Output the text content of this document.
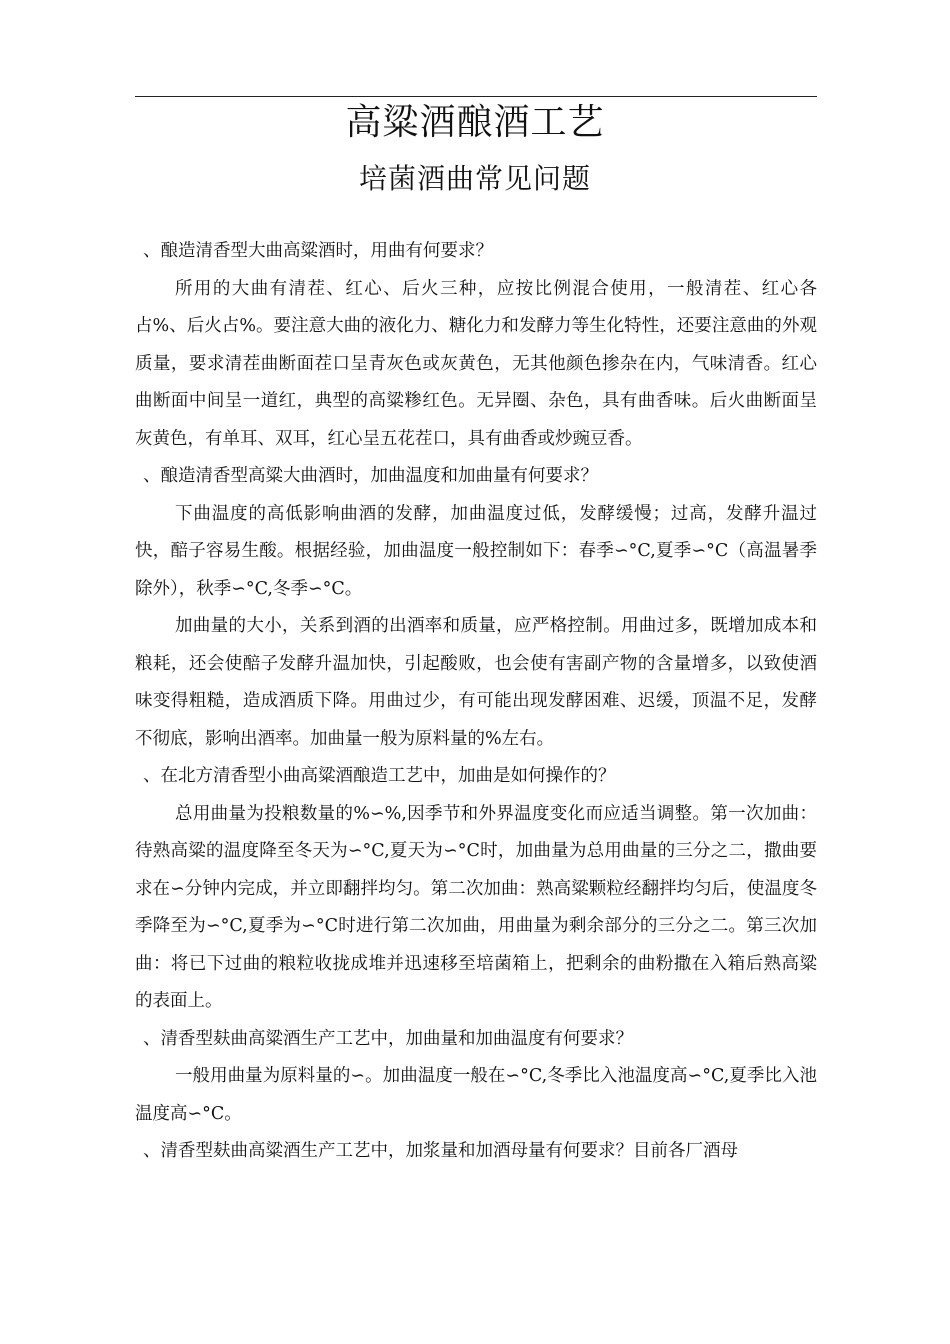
高粱酒酿酒工艺
培菌酒曲常见问题

、酿造清香型大曲高粱酒时，用曲有何要求？

所用的大曲有清茬、红心、后火三种，应按比例混合使用，一般清茬、红心各占%、后火占%。要注意大曲的液化力、糖化力和发酵力等生化特性，还要注意曲的外观质量，要求清茬曲断面茬口呈青灰色或灰黄色，无其他颜色掺杂在内，气味清香。红心曲断面中间呈一道红，典型的高粱糁红色。无异圈、杂色，具有曲香味。后火曲断面呈灰黄色，有单耳、双耳，红心呈五花茬口，具有曲香或炒豌豆香。

、酿造清香型高粱大曲酒时，加曲温度和加曲量有何要求？

下曲温度的高低影响曲酒的发酵，加曲温度过低，发酵缓慢；过高，发酵升温过快，醅子容易生酸。根据经验，加曲温度一般控制如下：春季∽°C,夏季∽°C（高温暑季除外），秋季∽°C,冬季∽°C。

加曲量的大小，关系到酒的出酒率和质量，应严格控制。用曲过多，既增加成本和粮耗，还会使醅子发酵升温加快，引起酸败，也会使有害副产物的含量增多，以致使酒味变得粗糙，造成酒质下降。用曲过少，有可能出现发酵困难、迟缓，顶温不足，发酵不彻底，影响出酒率。加曲量一般为原料量的%左右。

、在北方清香型小曲高粱酒酿造工艺中，加曲是如何操作的？

总用曲量为投粮数量的%∽%,因季节和外界温度变化而应适当调整。第一次加曲：待熟高粱的温度降至冬天为∽°C,夏天为∽°C时，加曲量为总用曲量的三分之二，撒曲要求在∽分钟内完成，并立即翻拌均匀。第二次加曲：熟高粱颗粒经翻拌均匀后，使温度冬季降至为∽°C,夏季为∽°C时进行第二次加曲，用曲量为剩余部分的三分之二。第三次加曲：将已下过曲的粮粒收拢成堆并迅速移至培菌箱上，把剩余的曲粉撒在入箱后熟高粱的表面上。

、清香型麸曲高粱酒生产工艺中，加曲量和加曲温度有何要求？

一般用曲量为原料量的∽。加曲温度一般在∽°C,冬季比入池温度高∽°C,夏季比入池温度高∽°C。

、清香型麸曲高粱酒生产工艺中，加浆量和加酒母量有何要求？目前各厂酒母
